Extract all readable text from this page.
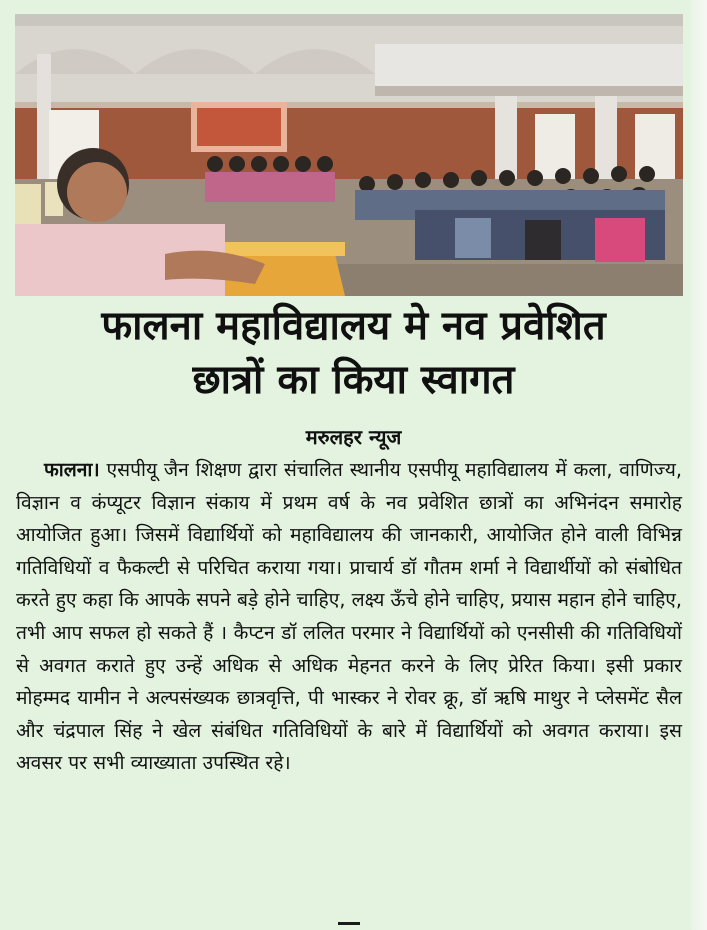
फालना महाविद्यालय मे नव प्रवेशित
छात्रों का किया स्वागत
मरुलहर न्यूज
फालना। एसपीयू जैन शिक्षण द्वारा संचालित स्थानीय एसपीयू महाविद्यालय में कला, वाणिज्य, विज्ञान व कंप्यूटर विज्ञान संकाय में प्रथम वर्ष के नव प्रवेशित छात्रों का अभिनंदन समारोह आयोजित हुआ। जिसमें विद्यार्थियों को महाविद्यालय की जानकारी, आयोजित होने वाली विभिन्न गतिविधियों व फैकल्टी से परिचित कराया गया। प्राचार्य डॉ गौतम शर्मा ने विद्यार्थीयों को संबोधित करते हुए कहा कि आपके सपने बड़े होने चाहिए, लक्ष्य ऊँचे होने चाहिए, प्रयास महान होने चाहिए, तभी आप सफल हो सकते हैं । कैप्टन डॉ ललित परमार ने विद्यार्थियों को एनसीसी की गतिविधियों से अवगत कराते हुए उन्हें अधिक से अधिक मेहनत करने के लिए प्रेरित किया। इसी प्रकार मोहम्मद यामीन ने अल्पसंख्यक छात्रवृत्ति, पी भास्कर ने रोवर क्रू, डॉ ऋषि माथुर ने प्लेसमेंट सैल और चंद्रपाल सिंह ने खेल संबंधित गतिविधियों के बारे में विद्यार्थियों को अवगत कराया। इस अवसर पर सभी व्याख्याता उपस्थित रहे।
